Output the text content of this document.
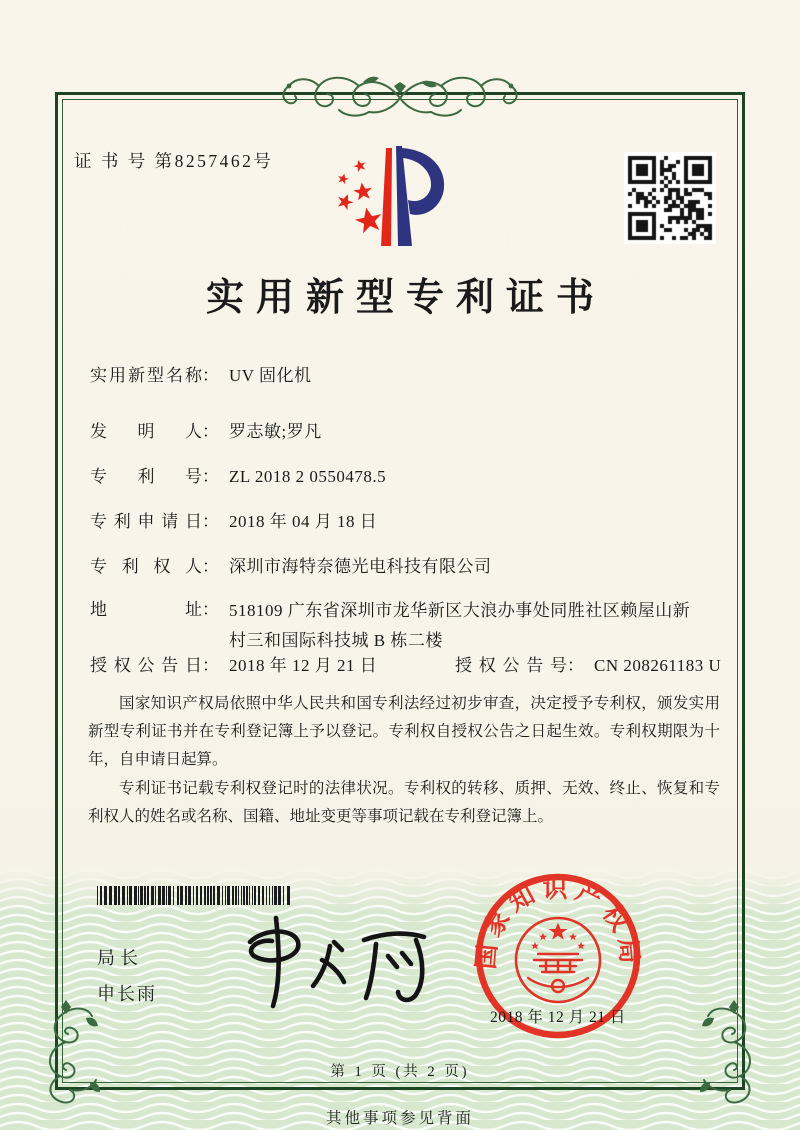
证 书 号 第8257462号
实用新型专利证书
实用新型名称 ： UV 固化机
发明人 ： 罗志敏;罗凡
专利号 ： ZL 2018 2 0550478.5
专利申请日 ： 2018 年 04 月 18 日
专利权人 ： 深圳市海特奈德光电科技有限公司
地址 ： 518109 广东省深圳市龙华新区大浪办事处同胜社区赖屋山新村三和国际科技城 B 栋二楼
授权公告日 ： 2018 年 12 月 21 日	授权公告号 ： CN 208261183 U

国家知识产权局依照中华人民共和国专利法经过初步审查，决定授予专利权，颁发实用新型专利证书并在专利登记簿上予以登记。专利权自授权公告之日起生效。专利权期限为十年，自申请日起算。

专利证书记载专利权登记时的法律状况。专利权的转移、质押、无效、终止、恢复和专利权人的姓名或名称、国籍、地址变更等事项记载在专利登记簿上。

局长
申长雨
国家知识产权局
2018 年 12 月 21 日
第 1 页 (共 2 页)
其他事项参见背面
